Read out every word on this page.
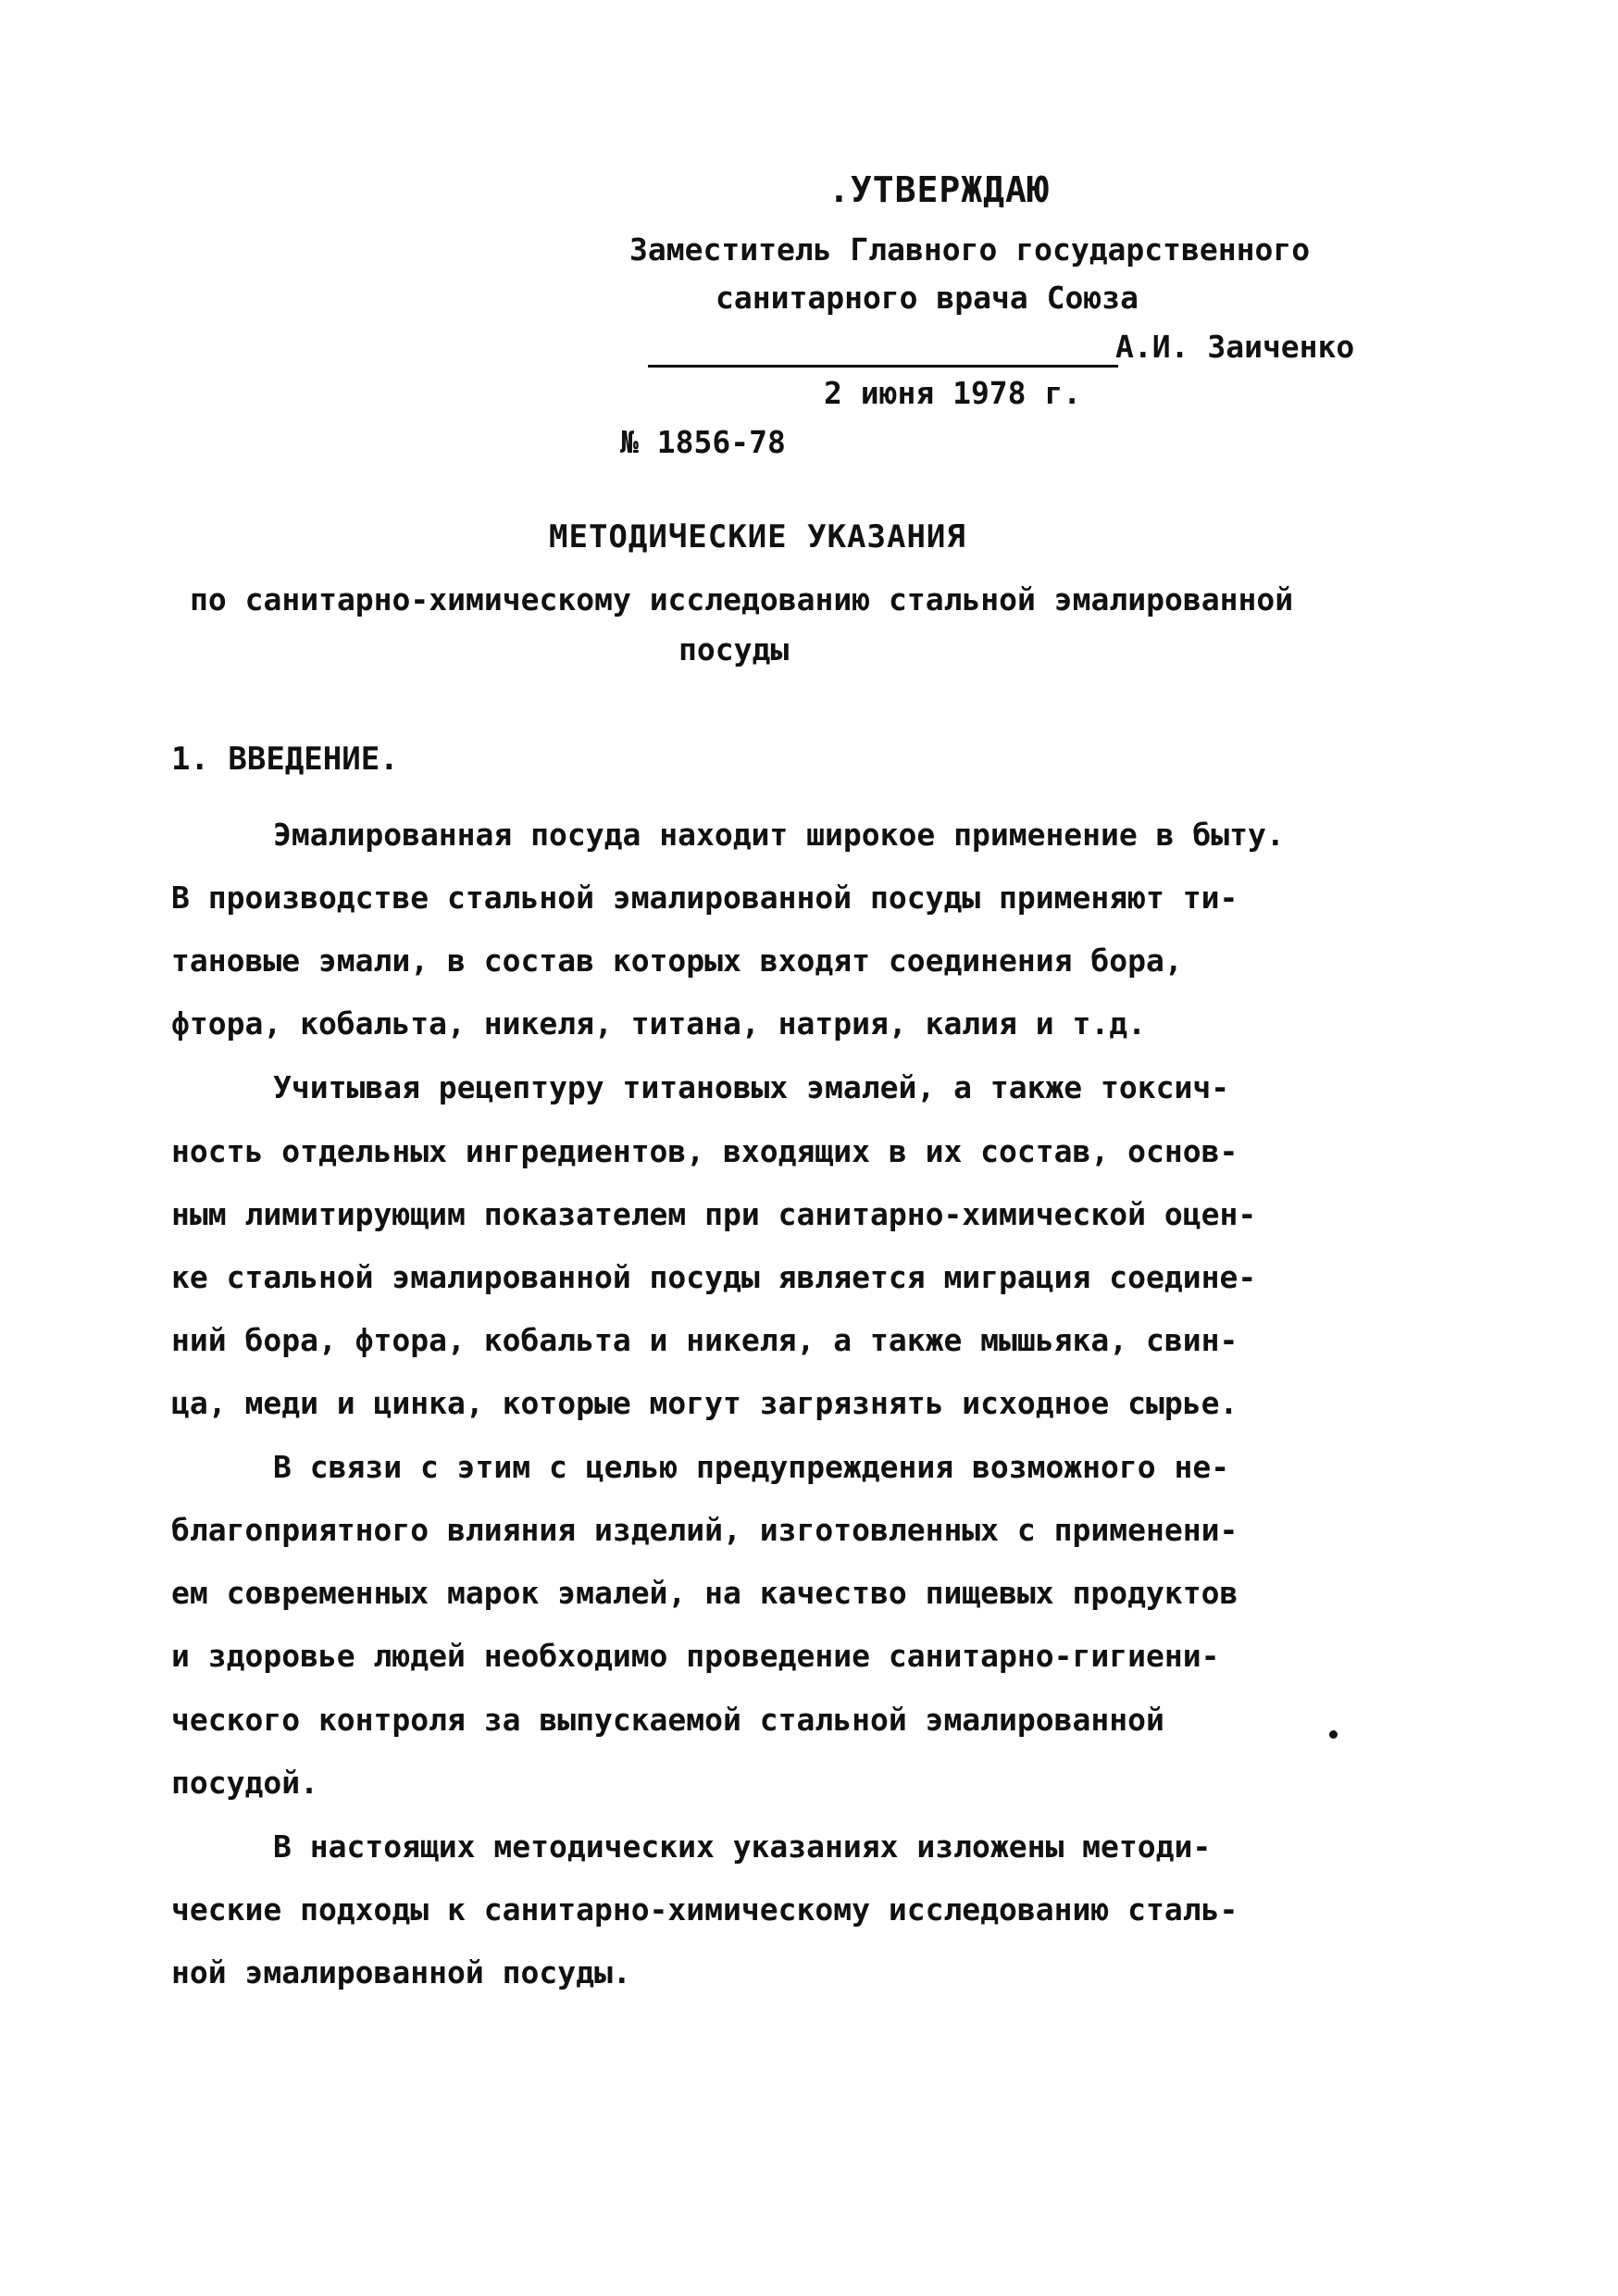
.УТВЕРЖДАЮ
Заместитель Главного государственного
санитарного врача Союза
А.И. Заиченко
2 июня 1978 г.
№ 1856-78
МЕТОДИЧЕСКИЕ УКАЗАНИЯ
по санитарно-химическому исследованию стальной эмалированной
посуды
1. ВВЕДЕНИЕ.
Эмалированная посуда находит широкое применение в быту.
В производстве стальной эмалированной посуды применяют ти-
тановые эмали, в состав которых входят соединения бора,
фтора, кобальта, никеля, титана, натрия, калия и т.д.
Учитывая рецептуру титановых эмалей, а также токсич-
ность отдельных ингредиентов, входящих в их состав, основ-
ным лимитирующим показателем при санитарно-химической оцен-
ке стальной эмалированной посуды является миграция соедине-
ний бора, фтора, кобальта и никеля, а также мышьяка, свин-
ца, меди и цинка, которые могут загрязнять исходное сырье.
В связи с этим с целью предупреждения возможного не-
благоприятного влияния изделий, изготовленных с применени-
ем современных марок эмалей, на качество пищевых продуктов
и здоровье людей необходимо проведение санитарно-гигиени-
ческого контроля за выпускаемой стальной эмалированной
посудой.
В настоящих методических указаниях изложены методи-
ческие подходы к санитарно-химическому исследованию сталь-
ной эмалированной посуды.
